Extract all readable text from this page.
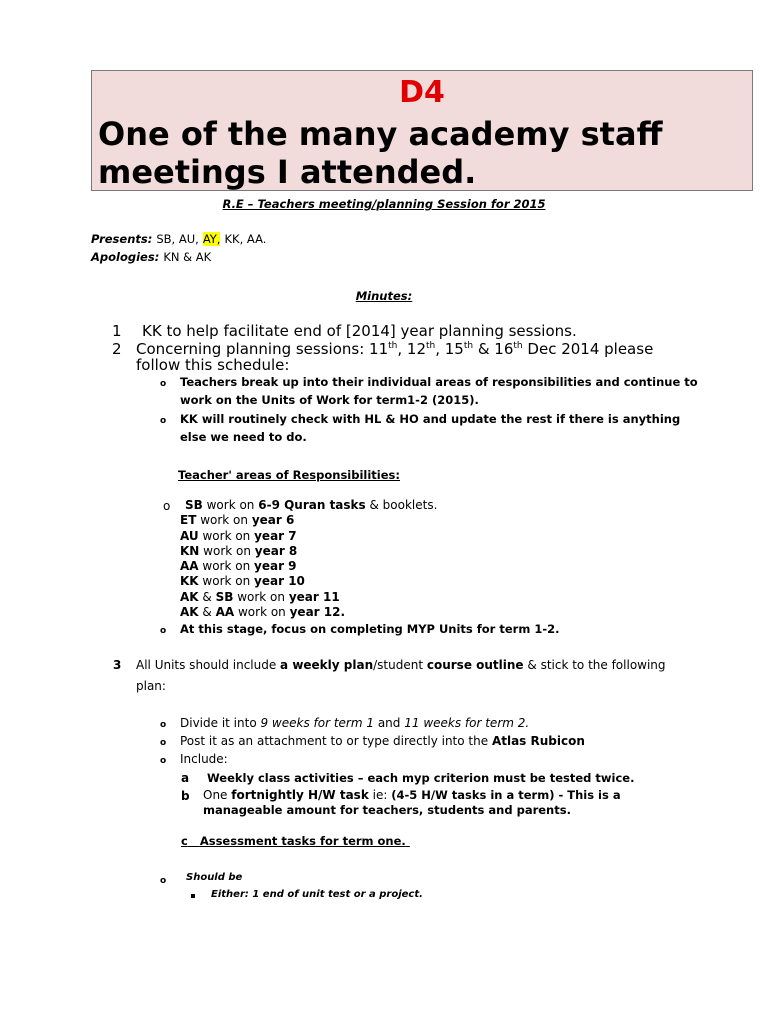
D4
One of the many academy staff meetings I attended.
R.E – Teachers meeting/planning Session for 2015
Presents: SB, AU, AY, KK, AA.
Apologies: KN & AK
Minutes:
1 KK to help facilitate end of [2014] year planning sessions.
2 Concerning planning sessions: 11th, 12th, 15th & 16th Dec 2014 please
follow this schedule:
o Teachers break up into their individual areas of responsibilities and continue to
work on the Units of Work for term1-2 (2015).
o KK will routinely check with HL & HO and update the rest if there is anything
else we need to do.
Teacher' areas of Responsibilities:
o SB work on 6-9 Quran tasks & booklets.
ET work on year 6
AU work on year 7
KN work on year 8
AA work on year 9
KK work on year 10
AK & SB work on year 11
AK & AA work on year 12.
o At this stage, focus on completing MYP Units for term 1-2.
3 All Units should include a weekly plan/student course outline & stick to the following
plan:
o Divide it into 9 weeks for term 1 and 11 weeks for term 2.
o Post it as an attachment to or type directly into the Atlas Rubicon
o Include:
a Weekly class activities – each myp criterion must be tested twice.
b One fortnightly H/W task ie: (4-5 H/W tasks in a term) - This is a
manageable amount for teachers, students and parents.
c Assessment tasks for term one.
o Should be
Either: 1 end of unit test or a project.
